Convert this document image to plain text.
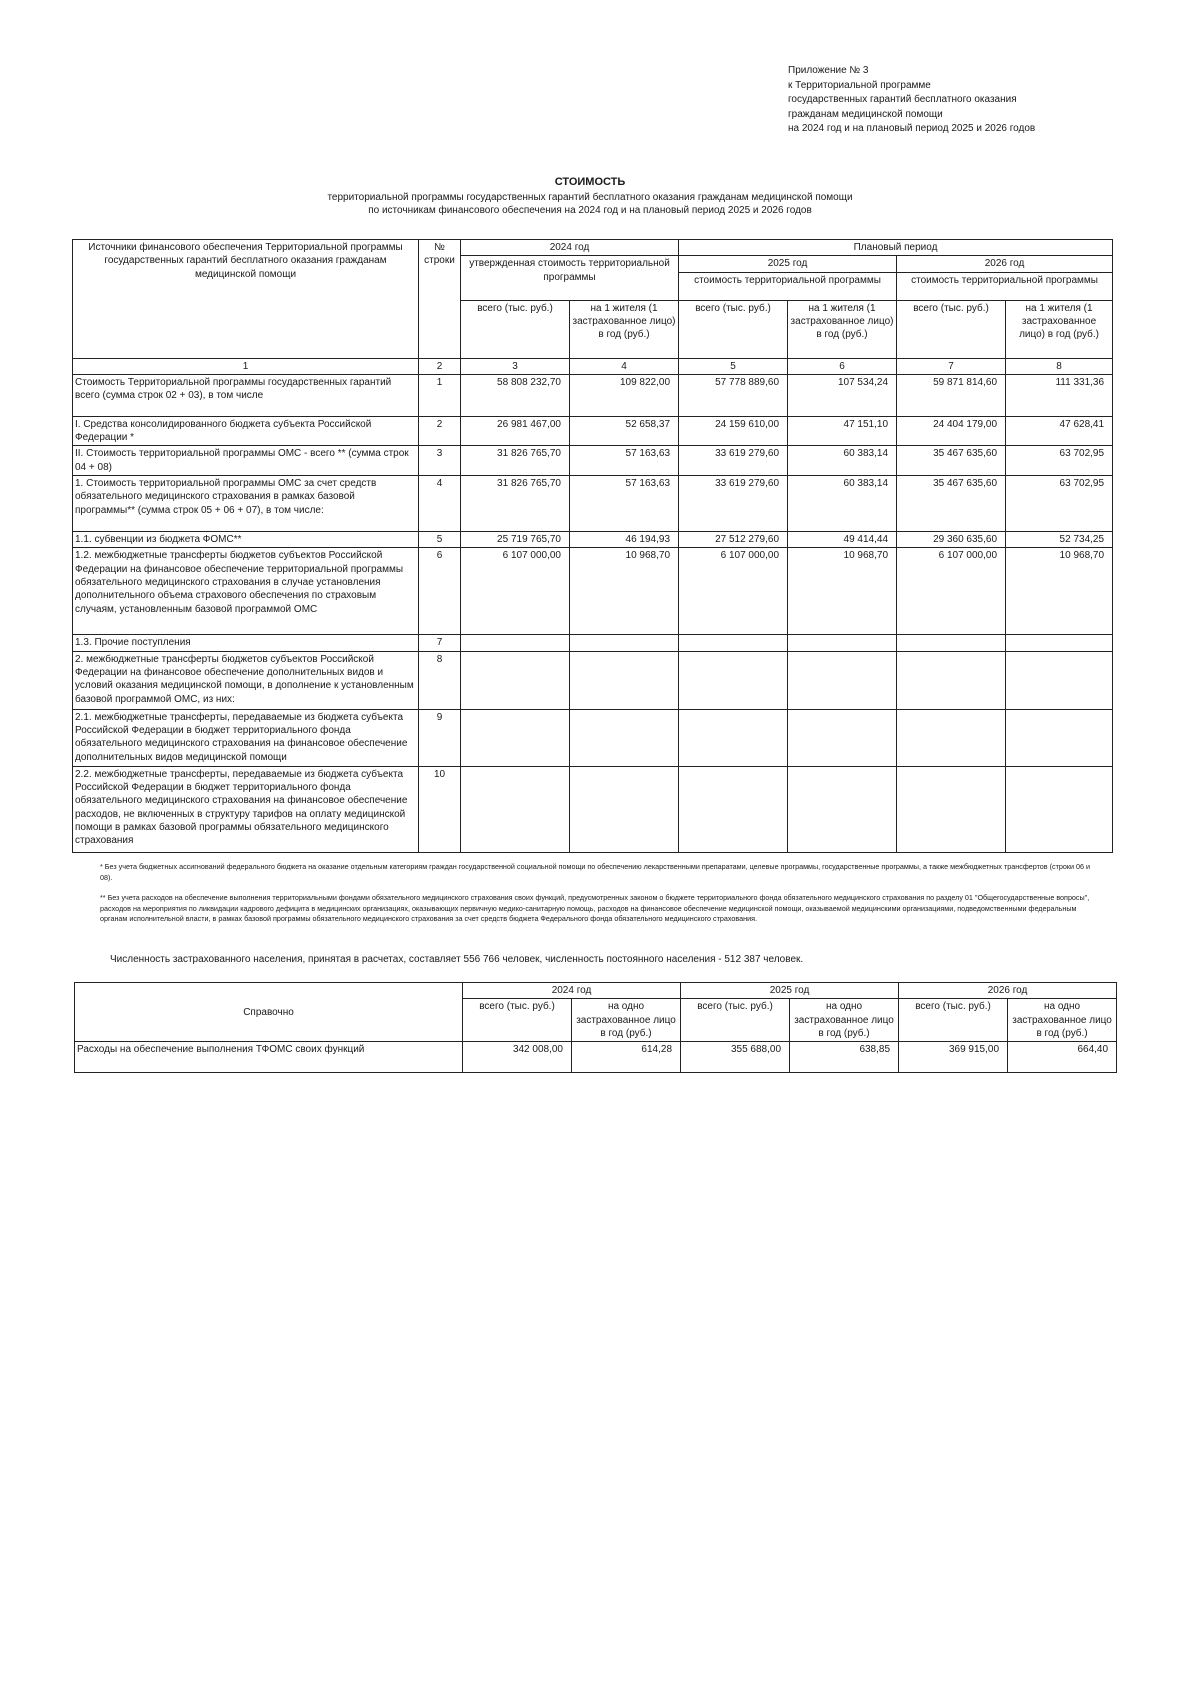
Приложение № 3
к Территориальной программе
государственных гарантий бесплатного оказания
гражданам медицинской помощи
на 2024 год и на плановый период 2025 и 2026 годов
СТОИМОСТЬ
территориальной программы государственных гарантий бесплатного оказания гражданам медицинской помощи
по источникам финансового обеспечения на 2024 год и на плановый период 2025 и 2026 годов
Источники финансового обеспечения Территориальной программы государственных гарантий бесплатного оказания гражданам медицинской помощи	№ строки	2024 год		Плановый период			
		утвержденная стоимость территориальной программы		2025 год		2026 год	
				стоимость территориальной программы		стоимость территориальной программы	
		всего (тыс. руб.)	на 1 жителя (1 застрахованное лицо) в год (руб.)	всего (тыс. руб.)	на 1 жителя (1 застрахованное лицо) в год (руб.)	всего (тыс. руб.)	на 1 жителя (1 застрахованное лицо) в год (руб.)
1	2	3	4	5	6	7	8
Стоимость Территориальной программы государственных гарантий всего (сумма строк 02 + 03), в том числе	1	58 808 232,70	109 822,00	57 778 889,60	107 534,24	59 871 814,60	111 331,36
I. Средства консолидированного бюджета субъекта Российской Федерации *	2	26 981 467,00	52 658,37	24 159 610,00	47 151,10	24 404 179,00	47 628,41
II. Стоимость территориальной программы ОМС - всего ** (сумма строк 04 + 08)	3	31 826 765,70	57 163,63	33 619 279,60	60 383,14	35 467 635,60	63 702,95
1. Стоимость территориальной программы ОМС за счет средств обязательного медицинского страхования в рамках базовой программы** (сумма строк 05 + 06 + 07), в том числе:	4	31 826 765,70	57 163,63	33 619 279,60	60 383,14	35 467 635,60	63 702,95
1.1. субвенции из бюджета ФОМС**	5	25 719 765,70	46 194,93	27 512 279,60	49 414,44	29 360 635,60	52 734,25
1.2. межбюджетные трансферты бюджетов субъектов Российской Федерации на финансовое обеспечение территориальной программы обязательного медицинского страхования в случае установления дополнительного объема страхового обеспечения по страховым случаям, установленным базовой программой ОМС	6	6 107 000,00	10 968,70	6 107 000,00	10 968,70	6 107 000,00	10 968,70
1.3. Прочие поступления	7						
2. межбюджетные трансферты бюджетов субъектов Российской Федерации на финансовое обеспечение дополнительных видов и условий оказания медицинской помощи, в дополнение к установленным базовой программой ОМС, из них:	8						
2.1. межбюджетные трансферты, передаваемые из бюджета субъекта Российской Федерации в бюджет территориального фонда обязательного медицинского страхования на финансовое обеспечение дополнительных видов медицинской помощи	9						
2.2. межбюджетные трансферты, передаваемые из бюджета субъекта Российской Федерации в бюджет территориального фонда обязательного медицинского страхования на финансовое обеспечение расходов, не включенных в структуру тарифов на оплату медицинской помощи в рамках базовой программы обязательного медицинского страхования	10						
* Без учета бюджетных ассигнований федерального бюджета на оказание отдельным категориям граждан государственной социальной помощи по обеспечению лекарственными препаратами, целевые программы, государственные программы, а также межбюджетных трансфертов (строки 06 и 08).
** Без учета расходов на обеспечение выполнения территориальными фондами обязательного медицинского страхования своих функций, предусмотренных законом о бюджете территориального фонда обязательного медицинского страхования по разделу 01 "Общегосударственные вопросы", расходов на мероприятия по ликвидации кадрового дефицита в медицинских организациях, оказывающих первичную медико-санитарную помощь, расходов на финансовое обеспечение медицинской помощи, оказываемой медицинскими организациями, подведомственными федеральным органам исполнительной власти, в рамках базовой программы обязательного медицинского страхования за счет средств бюджета Федерального фонда обязательного медицинского страхования.
Численность застрахованного населения, принятая в расчетах, составляет 556 766 человек, численность постоянного населения - 512 387 человек.
Справочно	2024 год		2025 год		2026 год	
	всего (тыс. руб.)	на одно застрахованное лицо в год (руб.)	всего (тыс. руб.)	на одно застрахованное лицо в год (руб.)	всего (тыс. руб.)	на одно застрахованное лицо в год (руб.)
Расходы на обеспечение выполнения ТФОМС своих функций	342 008,00	614,28	355 688,00	638,85	369 915,00	664,40
